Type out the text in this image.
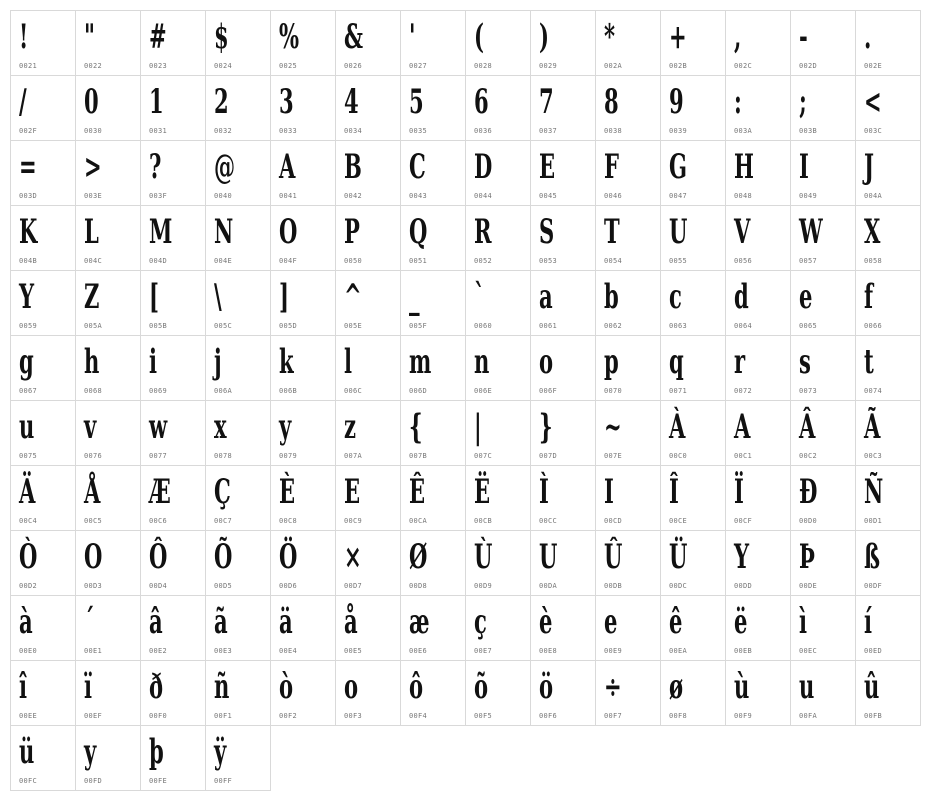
!
0021
"
0022
#
0023
$
0024
%
0025
&
0026
'
0027
(
0028
)
0029
*
002A
+
002B
,
002C
-
002D
.
002E
/
002F
0
0030
1
0031
2
0032
3
0033
4
0034
5
0035
6
0036
7
0037
8
0038
9
0039
:
003A
;
003B
<
003C
=
003D
>
003E
?
003F
@
0040
A
0041
B
0042
C
0043
D
0044
E
0045
F
0046
G
0047
H
0048
I
0049
J
004A
K
004B
L
004C
M
004D
N
004E
O
004F
P
0050
Q
0051
R
0052
S
0053
T
0054
U
0055
V
0056
W
0057
X
0058
Y
0059
Z
005A
[
005B
\
005C
]
005D
^
005E
_
005F
`
0060
a
0061
b
0062
c
0063
d
0064
e
0065
f
0066
g
0067
h
0068
i
0069
j
006A
k
006B
l
006C
m
006D
n
006E
o
006F
p
0070
q
0071
r
0072
s
0073
t
0074
u
0075
v
0076
w
0077
x
0078
y
0079
z
007A
{
007B
|
007C
}
007D
~
007E
À
00C0
A
00C1
Â
00C2
Ã
00C3
Ä
00C4
Å
00C5
Æ
00C6
Ç
00C7
È
00C8
E
00C9
Ê
00CA
Ë
00CB
Ì
00CC
I
00CD
Î
00CE
Ï
00CF
Đ
00D0
Ñ
00D1
Ò
00D2
O
00D3
Ô
00D4
Õ
00D5
Ö
00D6
×
00D7
Ø
00D8
Ù
00D9
U
00DA
Û
00DB
Ü
00DC
Y
00DD
Þ
00DE
ß
00DF
à
00E0
´
00E1
â
00E2
ã
00E3
ä
00E4
å
00E5
æ
00E6
ç
00E7
è
00E8
e
00E9
ê
00EA
ë
00EB
ì
00EC
í
00ED
î
00EE
ï
00EF
ð
00F0
ñ
00F1
ò
00F2
o
00F3
ô
00F4
õ
00F5
ö
00F6
÷
00F7
ø
00F8
ù
00F9
u
00FA
û
00FB
ü
00FC
y
00FD
þ
00FE
ÿ
00FF
